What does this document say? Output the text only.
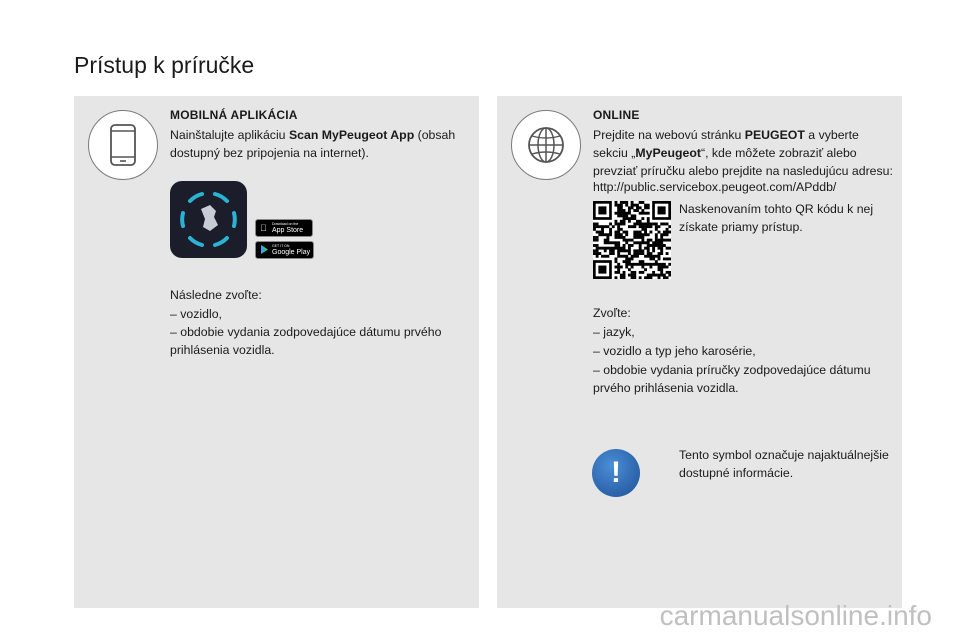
Prístup k príručke
MOBILNÁ APLIKÁCIA

Nainštalujte aplikáciu Scan MyPeugeot App (obsah dostupný bez pripojenia na internet).

Download on the
App Store
GET IT ON
Google Play

Následne zvoľte:

– vozidlo,

– obdobie vydania zodpovedajúce dátumu prvého prihlásenia vozidla.

ONLINE

Prejdite na webovú stránku PEUGEOT a vyberte sekciu „MyPeugeot“, kde môžete zobraziť alebo prevziať príručku alebo prejdite na nasledujúcu adresu:

http://public.servicebox.peugeot.com/APddb/

Naskenovaním tohto QR kódu k nej získate priamy prístup.

Zvoľte:

– jazyk,

– vozidlo a typ jeho karosérie,

– obdobie vydania príručky zodpovedajúce dátumu prvého prihlásenia vozidla.

!

Tento symbol označuje najaktuálnejšie dostupné informácie.

carmanualsonline.info
